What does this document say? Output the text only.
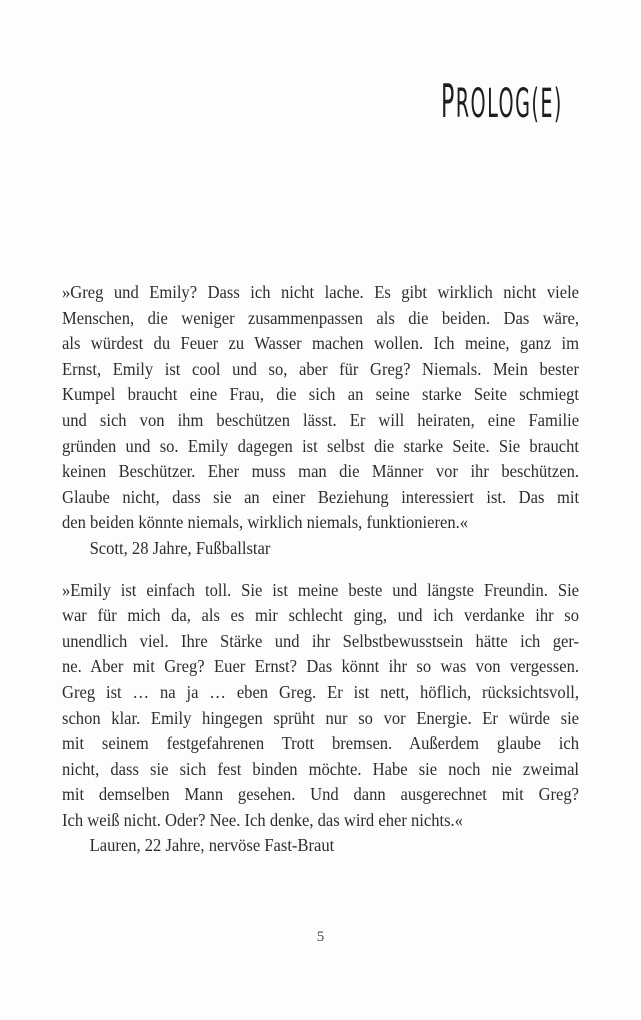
PROLOG(E)
»Greg und Emily? Dass ich nicht lache. Es gibt wirklich nicht viele
Menschen, die weniger zusammenpassen als die beiden. Das wäre,
als würdest du Feuer zu Wasser machen wollen. Ich meine, ganz im
Ernst, Emily ist cool und so, aber für Greg? Niemals. Mein bester
Kumpel braucht eine Frau, die sich an seine starke Seite schmiegt
und sich von ihm beschützen lässt. Er will heiraten, eine Familie
gründen und so. Emily dagegen ist selbst die starke Seite. Sie braucht
keinen Beschützer. Eher muss man die Männer vor ihr beschützen.
Glaube nicht, dass sie an einer Beziehung interessiert ist. Das mit
den beiden könnte niemals, wirklich niemals, funktionieren.«
Scott, 28 Jahre, Fußballstar
»Emily ist einfach toll. Sie ist meine beste und längste Freundin. Sie
war für mich da, als es mir schlecht ging, und ich verdanke ihr so
unendlich viel. Ihre Stärke und ihr Selbstbewusstsein hätte ich ger-
ne. Aber mit Greg? Euer Ernst? Das könnt ihr so was von vergessen.
Greg ist … na ja … eben Greg. Er ist nett, höflich, rücksichtsvoll,
schon klar. Emily hingegen sprüht nur so vor Energie. Er würde sie
mit seinem festgefahrenen Trott bremsen. Außerdem glaube ich
nicht, dass sie sich fest binden möchte. Habe sie noch nie zweimal
mit demselben Mann gesehen. Und dann ausgerechnet mit Greg?
Ich weiß nicht. Oder? Nee. Ich denke, das wird eher nichts.«
Lauren, 22 Jahre, nervöse Fast-Braut
5
